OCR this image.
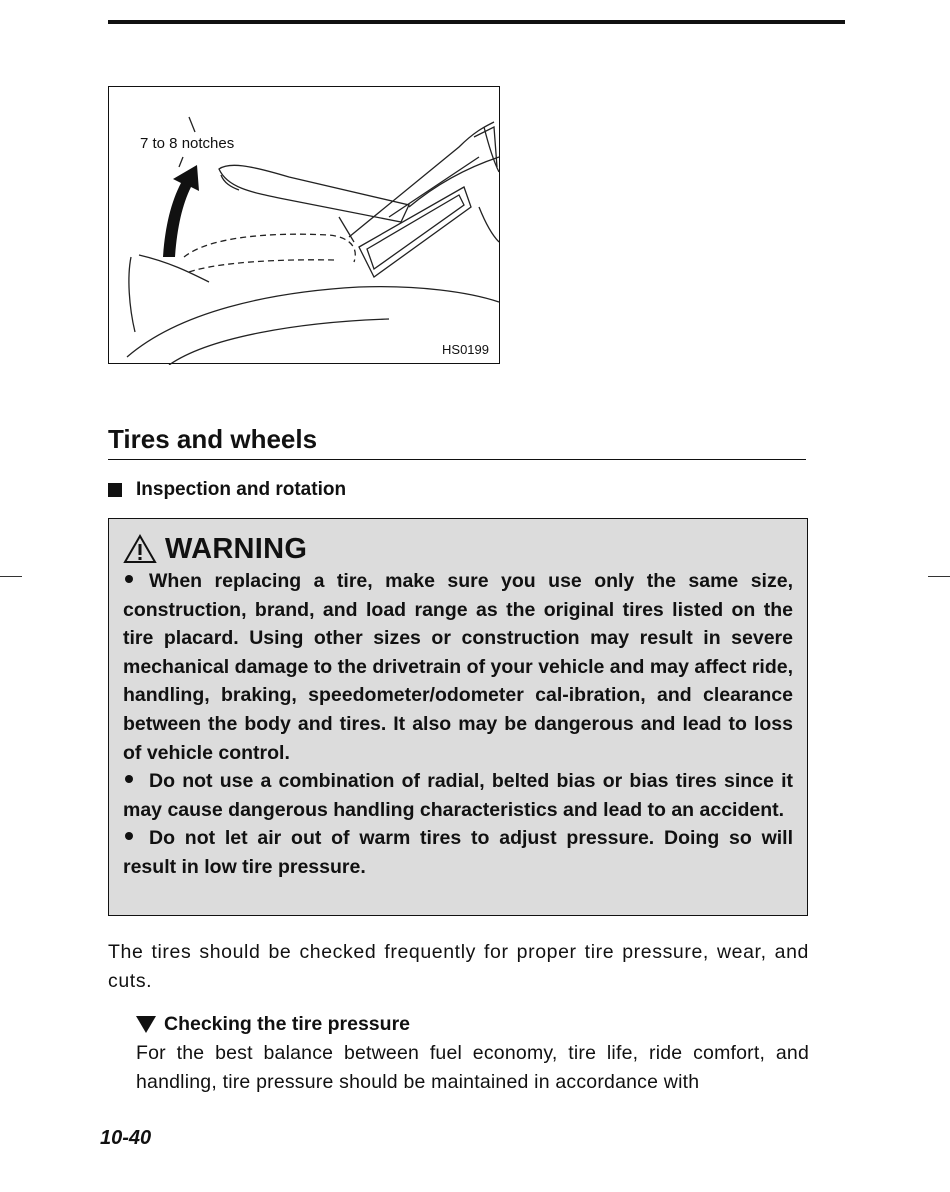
7 to 8 notches
HS0199
Tires and wheels
Inspection and rotation
WARNING

When replacing a tire, make sure you use only the same size, construction, brand, and load range as the original tires listed on the tire placard. Using other sizes or construction may result in severe mechanical damage to the drivetrain of your vehicle and may affect ride, handling, braking, speedometer/odometer cal-ibration, and clearance between the body and tires. It also may be dangerous and lead to loss of vehicle control.

Do not use a combination of radial, belted bias or bias tires since it may cause dangerous handling characteristics and lead to an accident.

Do not let air out of warm tires to adjust pressure. Doing so will result in low tire pressure.

The tires should be checked frequently for proper tire pressure, wear, and cuts.

Checking the tire pressure

For the best balance between fuel economy, tire life, ride comfort, and handling, tire pressure should be maintained in accordance with

10-40
